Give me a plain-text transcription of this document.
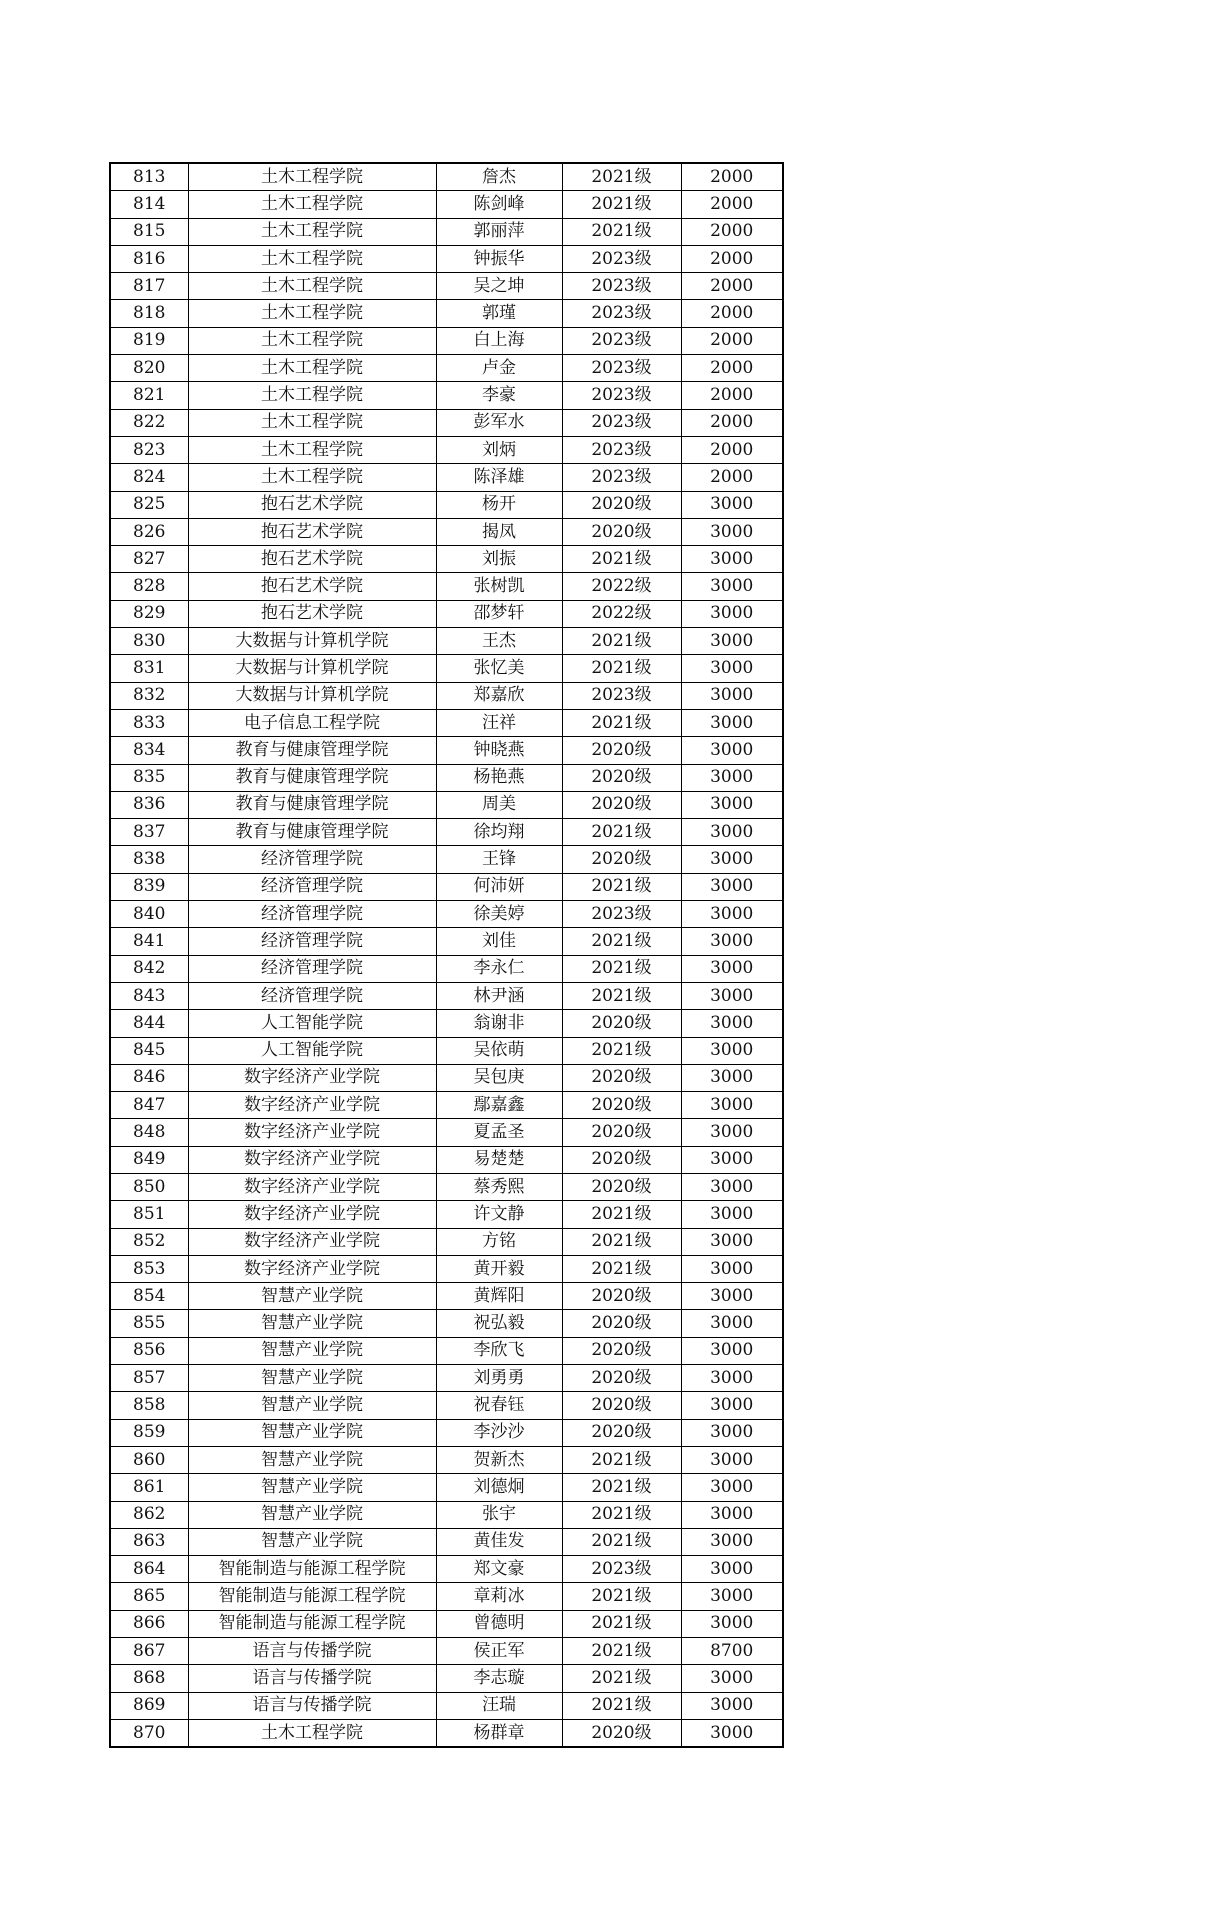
813	土木工程学院	詹杰	2021级	2000
814	土木工程学院	陈剑峰	2021级	2000
815	土木工程学院	郭丽萍	2021级	2000
816	土木工程学院	钟振华	2023级	2000
817	土木工程学院	吴之坤	2023级	2000
818	土木工程学院	郭瑾	2023级	2000
819	土木工程学院	白上海	2023级	2000
820	土木工程学院	卢金	2023级	2000
821	土木工程学院	李豪	2023级	2000
822	土木工程学院	彭军水	2023级	2000
823	土木工程学院	刘炳	2023级	2000
824	土木工程学院	陈泽雄	2023级	2000
825	抱石艺术学院	杨开	2020级	3000
826	抱石艺术学院	揭凤	2020级	3000
827	抱石艺术学院	刘振	2021级	3000
828	抱石艺术学院	张树凯	2022级	3000
829	抱石艺术学院	邵梦轩	2022级	3000
830	大数据与计算机学院	王杰	2021级	3000
831	大数据与计算机学院	张忆美	2021级	3000
832	大数据与计算机学院	郑嘉欣	2023级	3000
833	电子信息工程学院	汪祥	2021级	3000
834	教育与健康管理学院	钟晓燕	2020级	3000
835	教育与健康管理学院	杨艳燕	2020级	3000
836	教育与健康管理学院	周美	2020级	3000
837	教育与健康管理学院	徐均翔	2021级	3000
838	经济管理学院	王锋	2020级	3000
839	经济管理学院	何沛妍	2021级	3000
840	经济管理学院	徐美婷	2023级	3000
841	经济管理学院	刘佳	2021级	3000
842	经济管理学院	李永仁	2021级	3000
843	经济管理学院	林尹涵	2021级	3000
844	人工智能学院	翁谢非	2020级	3000
845	人工智能学院	吴依萌	2021级	3000
846	数字经济产业学院	吴包庚	2020级	3000
847	数字经济产业学院	鄢嘉鑫	2020级	3000
848	数字经济产业学院	夏孟圣	2020级	3000
849	数字经济产业学院	易楚楚	2020级	3000
850	数字经济产业学院	蔡秀熙	2020级	3000
851	数字经济产业学院	许文静	2021级	3000
852	数字经济产业学院	方铭	2021级	3000
853	数字经济产业学院	黄开毅	2021级	3000
854	智慧产业学院	黄辉阳	2020级	3000
855	智慧产业学院	祝弘毅	2020级	3000
856	智慧产业学院	李欣飞	2020级	3000
857	智慧产业学院	刘勇勇	2020级	3000
858	智慧产业学院	祝春钰	2020级	3000
859	智慧产业学院	李沙沙	2020级	3000
860	智慧产业学院	贺新杰	2021级	3000
861	智慧产业学院	刘德炯	2021级	3000
862	智慧产业学院	张宇	2021级	3000
863	智慧产业学院	黄佳发	2021级	3000
864	智能制造与能源工程学院	郑文豪	2023级	3000
865	智能制造与能源工程学院	章莉冰	2021级	3000
866	智能制造与能源工程学院	曾德明	2021级	3000
867	语言与传播学院	侯正军	2021级	8700
868	语言与传播学院	李志璇	2021级	3000
869	语言与传播学院	汪瑞	2021级	3000
870	土木工程学院	杨群章	2020级	3000
